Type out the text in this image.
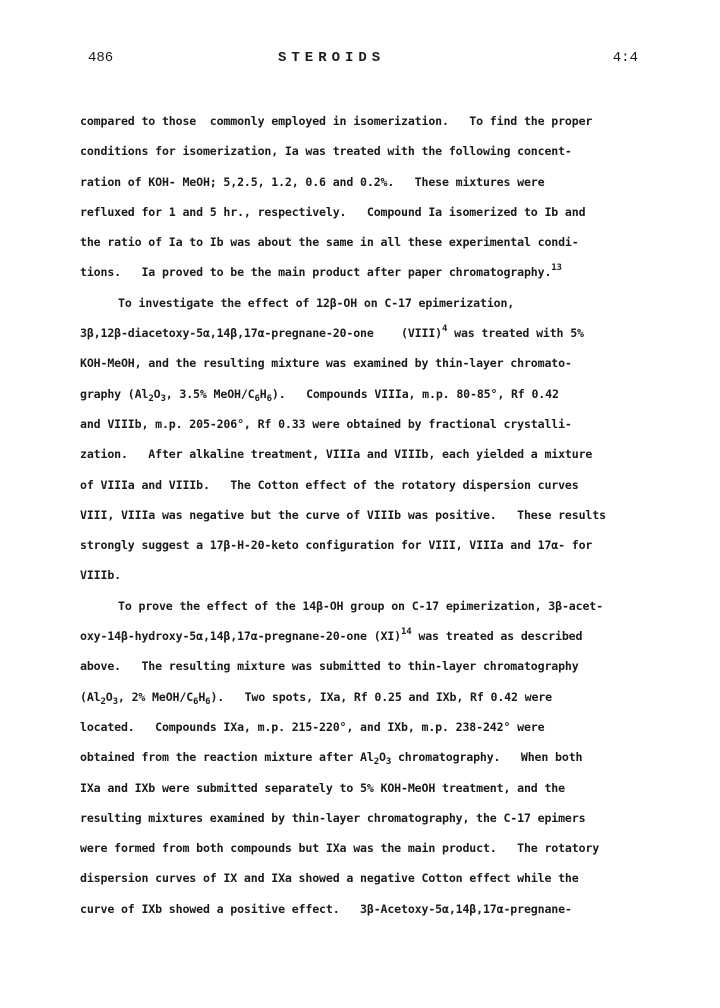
486	STEROIDS	4:4
compared to those  commonly employed in isomerization.   To find the proper
conditions for isomerization, Ia was treated with the following concent-
ration of KOH- MeOH; 5,2.5, 1.2, 0.6 and 0.2%.   These mixtures were
refluxed for 1 and 5 hr., respectively.   Compound Ia isomerized to Ib and
the ratio of Ia to Ib was about the same in all these experimental condi-
tions.   Ia proved to be the main product after paper chromatography.$^{13}$
To investigate the effect of 12β-OH on C-17 epimerization,
3β,12β-diacetoxy-5α,14β,17α-pregnane-20-one    (VIII)$^4$ was treated with 5%
KOH-MeOH, and the resulting mixture was examined by thin-layer chromato-
graphy ($Al_2O_3$, 3.5% MeOH/$C_6H_6$).   Compounds VIIIa, m.p. 80-85°, Rf 0.42
and VIIIb, m.p. 205-206°, Rf 0.33 were obtained by fractional crystalli-
zation.   After alkaline treatment, VIIIa and VIIIb, each yielded a mixture
of VIIIa and VIIIb.   The Cotton effect of the rotatory dispersion curves
VIII, VIIIa was negative but the curve of VIIIb was positive.   These results
strongly suggest a 17β-H-20-keto configuration for VIII, VIIIa and 17α- for
VIIIb.
To prove the effect of the 14β-OH group on C-17 epimerization, 3β-acet-
oxy-14β-hydroxy-5α,14β,17α-pregnane-20-one (XI)$^{14}$ was treated as described
above.   The resulting mixture was submitted to thin-layer chromatography
($Al_2O_3$, 2% MeOH/$C_6H_6$).   Two spots, IXa, Rf 0.25 and IXb, Rf 0.42 were
located.   Compounds IXa, m.p. 215-220°, and IXb, m.p. 238-242° were
obtained from the reaction mixture after $Al_2O_3$ chromatography.   When both
IXa and IXb were submitted separately to 5% KOH-MeOH treatment, and the
resulting mixtures examined by thin-layer chromatography, the C-17 epimers
were formed from both compounds but IXa was the main product.   The rotatory
dispersion curves of IX and IXa showed a negative Cotton effect while the
curve of IXb showed a positive effect.   3β-Acetoxy-5α,14β,17α-pregnane-
